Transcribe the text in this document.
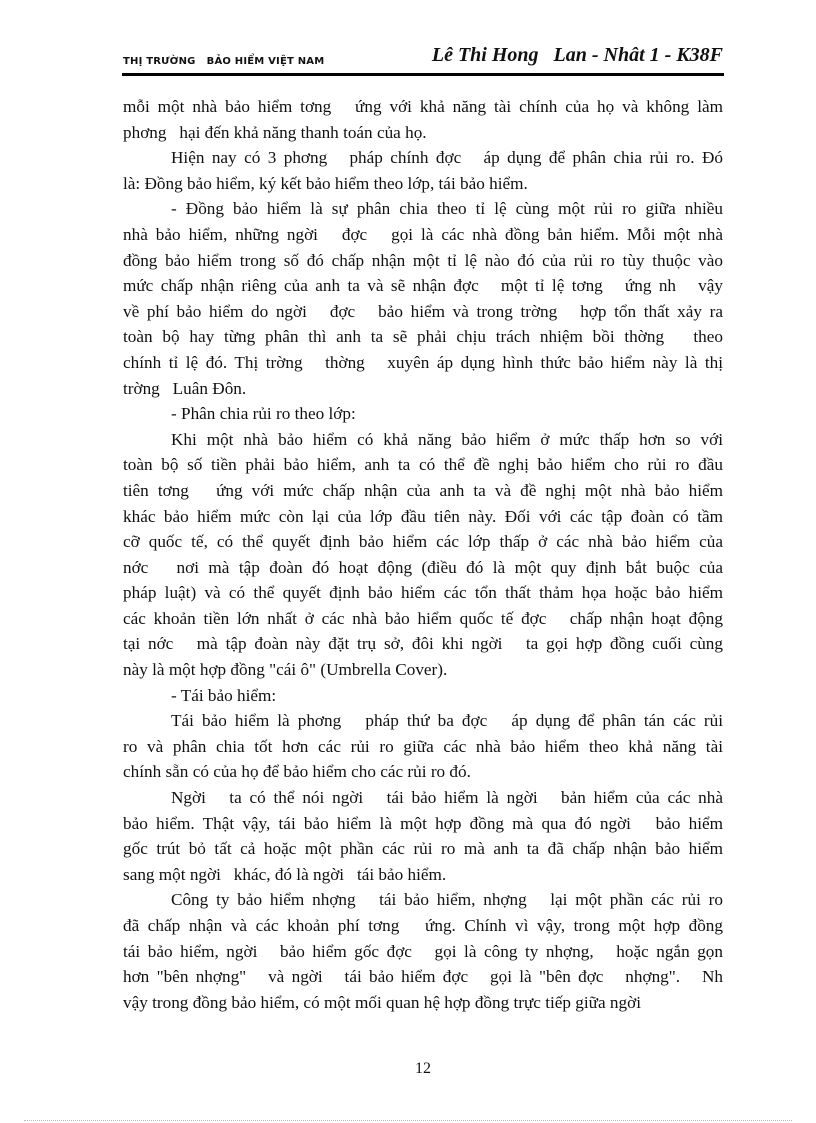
THỊ TRƯỜNG   BẢO HIỂM VIỆT NAM	Lê Thi Hong   Lan - Nhât 1 - K38F

mỗi một nhà bảo hiểm tơng   ứng với khả năng tài chính của họ và không làm

phơng   hại đến khả năng thanh toán của họ.

Hiện nay có 3 phơng   pháp chính đợc   áp dụng để phân chia rủi ro. Đó

là: Đồng bảo hiểm, ký kết bảo hiểm theo lớp, tái bảo hiểm.

- Đồng bảo hiểm là sự phân chia theo tỉ lệ cùng một rủi ro giữa nhiều

nhà bảo hiểm, những ngời   đợc   gọi là các nhà đồng bản hiểm. Mỗi một nhà

đồng bảo hiểm trong số đó chấp nhận một tỉ lệ nào đó của rủi ro tùy thuộc vào

mức chấp nhận riêng của anh ta và sẽ nhận đợc   một tỉ lệ tơng   ứng nh   vậy

về phí bảo hiểm do ngời   đợc   bảo hiểm và trong trờng   hợp tổn thất xảy ra

toàn bộ hay từng phân thì anh ta sẽ phải chịu trách nhiệm bồi thờng   theo

chính tỉ lệ đó. Thị trờng   thờng   xuyên áp dụng hình thức bảo hiểm này là thị

trờng   Luân Đôn.

- Phân chia rủi ro theo lớp:

Khi một nhà bảo hiểm có khả năng bảo hiểm ở mức thấp hơn so với

toàn bộ số tiền phải bảo hiểm, anh ta có thể đề nghị bảo hiểm cho rủi ro đầu

tiên tơng   ứng với mức chấp nhận của anh ta và đề nghị một nhà bảo hiểm

khác bảo hiểm mức còn lại của lớp đầu tiên này. Đối với các tập đoàn có tầm

cỡ quốc tế, có thể quyết định bảo hiểm các lớp thấp ở các nhà bảo hiểm của

nớc   nơi mà tập đoàn đó hoạt động (điều đó là một quy định bắt buộc của

pháp luật) và có thể quyết định bảo hiểm các tổn thất thảm họa hoặc bảo hiểm

các khoản tiền lớn nhất ở các nhà bảo hiểm quốc tế đợc   chấp nhận hoạt động

tại nớc   mà tập đoàn này đặt trụ sở, đôi khi ngời   ta gọi hợp đồng cuối cùng

này là một hợp đồng "cái ô" (Umbrella Cover).

- Tái bảo hiểm:

Tái bảo hiểm là phơng   pháp thứ ba đợc   áp dụng để phân tán các rủi

ro và phân chia tốt hơn các rủi ro giữa các nhà bảo hiểm theo khả năng tài

chính sẵn có của họ để bảo hiểm cho các rủi ro đó.

Ngời   ta có thể nói ngời   tái bảo hiểm là ngời   bản hiểm của các nhà

bảo hiểm. Thật vậy, tái bảo hiểm là một hợp đồng mà qua đó ngời   bảo hiểm

gốc trút bỏ tất cả hoặc một phần các rủi ro mà anh ta đã chấp nhận bảo hiểm

sang một ngời   khác, đó là ngời   tái bảo hiểm.

Công ty bảo hiểm nhợng   tái bảo hiểm, nhợng   lại một phần các rủi ro

đã chấp nhận và các khoản phí tơng   ứng. Chính vì vậy, trong một hợp đồng

tái bảo hiểm, ngời   bảo hiểm gốc đợc   gọi là công ty nhợng,   hoặc ngắn gọn

hơn "bên nhợng"   và ngời   tái bảo hiểm đợc   gọi là "bên đợc   nhợng".   Nh

vậy trong đồng bảo hiểm, có một mối quan hệ hợp đồng trực tiếp giữa ngời

12
